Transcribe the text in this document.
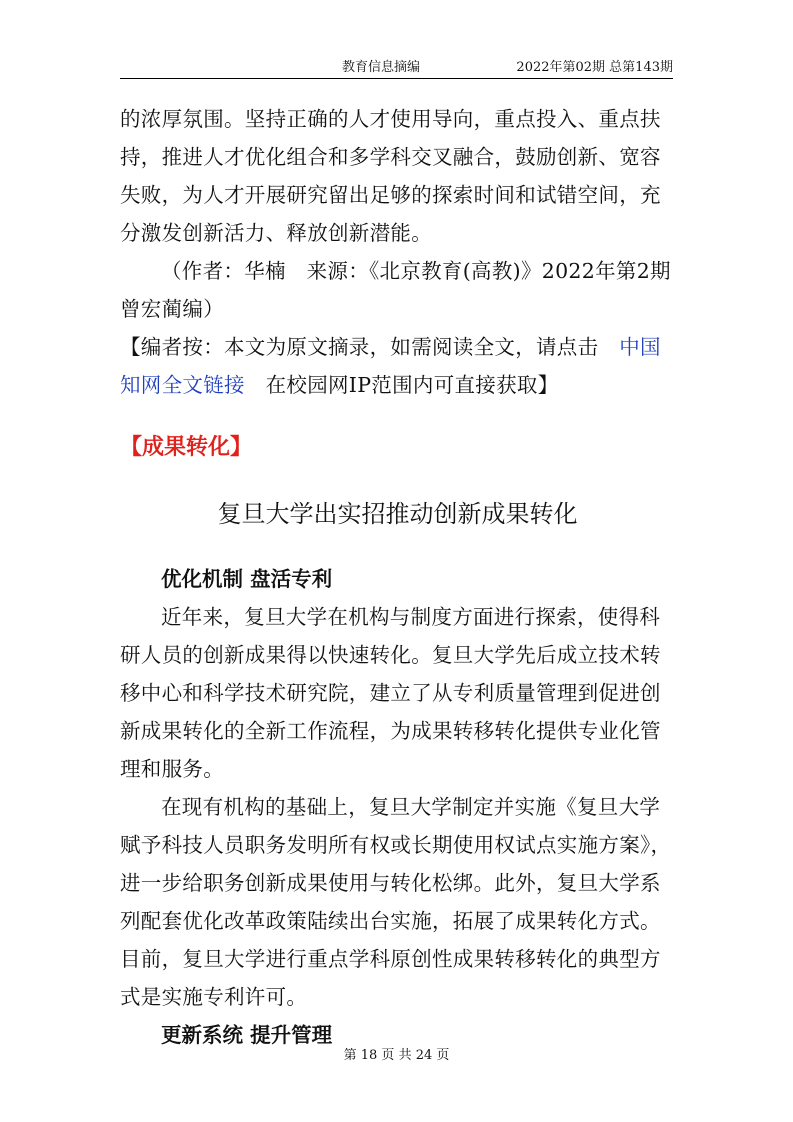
教育信息摘编	2022年第02期 总第143期

的浓厚氛围。坚持正确的人才使用导向，重点投入、重点扶持，推进人才优化组合和多学科交叉融合，鼓励创新、宽容失败，为人才开展研究留出足够的探索时间和试错空间，充分激发创新活力、释放创新潜能。

（作者：华楠　来源：《北京教育(高教)》2022年第2期　曾宏蔺编）

【编者按：本文为原文摘录，如需阅读全文，请点击　中国知网全文链接　在校园网IP范围内可直接获取】

【成果转化】
复旦大学出实招推动创新成果转化

优化机制 盘活专利

近年来，复旦大学在机构与制度方面进行探索，使得科研人员的创新成果得以快速转化。复旦大学先后成立技术转移中心和科学技术研究院，建立了从专利质量管理到促进创新成果转化的全新工作流程，为成果转移转化提供专业化管理和服务。

在现有机构的基础上，复旦大学制定并实施《复旦大学赋予科技人员职务发明所有权或长期使用权试点实施方案》，进一步给职务创新成果使用与转化松绑。此外，复旦大学系列配套优化改革政策陆续出台实施，拓展了成果转化方式。目前，复旦大学进行重点学科原创性成果转移转化的典型方式是实施专利许可。

更新系统 提升管理

第 18 页 共 24 页
